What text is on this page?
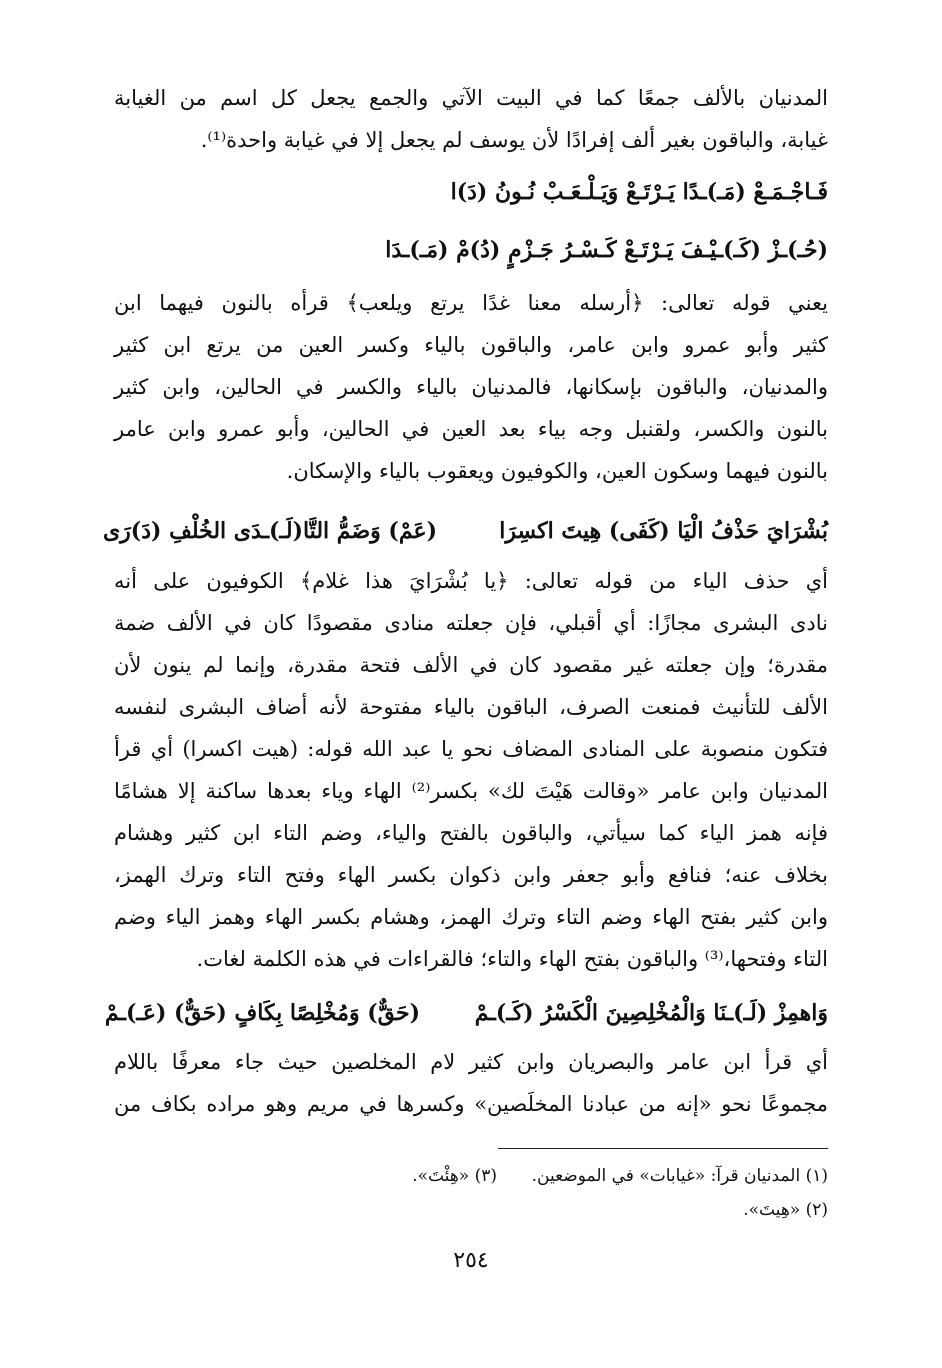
المدنيان بالألف جمعًا كما في البيت الآتي والجمع يجعل كل اسم من الغيابة
غيابة، والباقون بغير ألف إفرادًا لأن يوسف لم يجعل إلا في غيابة واحدة⁽¹⁾.
فَـاجْـمَـعْ (مَـ)ـدًا يَـرْتَـعْ وَيَـلْـعَـبْ نُـونُ (دَ)ا
(حُـ)ـزْ (كَـ)ـيْـفَ يَـرْتَـعْ كَـسْـرُ جَـزْمٍ (دُ)مْ (مَـ)ـدَا
يعني قوله تعالى: ﴿أرسله معنا غدًا يرتع ويلعب﴾ قرأه بالنون فيهما ابن
كثير وأبو عمرو وابن عامر، والباقون بالياء وكسر العين من يرتع ابن كثير
والمدنيان، والباقون بإسكانها، فالمدنيان بالياء والكسر في الحالين، وابن كثير
بالنون والكسر، ولقنبل وجه بياء بعد العين في الحالين، وأبو عمرو وابن عامر
بالنون فيهما وسكون العين، والكوفيون ويعقوب بالياء والإسكان.
بُشْرَايَ حَذْفُ الْيَا (كَفَى) هِيتَ اكسِرَا
(عَمْ) وَضَمُّ التَّا(لَـ)ـدَى الخُلْفِ (دَ)رَى
أي حذف الياء من قوله تعالى: ﴿يا بُشْرَايَ هذا غلام﴾ الكوفيون على أنه
نادى البشرى مجازًا: أي أقبلي، فإن جعلته منادى مقصودًا كان في الألف ضمة
مقدرة؛ وإن جعلته غير مقصود كان في الألف فتحة مقدرة، وإنما لم ينون لأن
الألف للتأنيث فمنعت الصرف، الباقون بالياء مفتوحة لأنه أضاف البشرى لنفسه
فتكون منصوبة على المنادى المضاف نحو يا عبد الله قوله: (هيت اكسرا) أي قرأ
المدنيان وابن عامر «وقالت هَيْتَ لك» بكسر⁽²⁾ الهاء وياء بعدها ساكنة إلا هشامًا
فإنه همز الياء كما سيأتي، والباقون بالفتح والياء، وضم التاء ابن كثير وهشام
بخلاف عنه؛ فنافع وأبو جعفر وابن ذكوان بكسر الهاء وفتح التاء وترك الهمز،
وابن كثير بفتح الهاء وضم التاء وترك الهمز، وهشام بكسر الهاء وهمز الياء وضم
التاء وفتحها،⁽³⁾ والباقون بفتح الهاء والتاء؛ فالقراءات في هذه الكلمة لغات.
وَاهمِزْ (لَـ)ـنَا وَالْمُخْلِصِينَ الْكَسْرُ (كَـ)ـمْ
(حَقٌّ) وَمُخْلِصًا بِكَافٍ (حَقٌّ) (عَـ)ـمْ
أي قرأ ابن عامر والبصريان وابن كثير لام المخلصين حيث جاء معرفًا باللام
مجموعًا نحو «إنه من عبادنا المخلَصين» وكسرها في مريم وهو مراده بكاف من
(١) المدنيان قرآ: «غيابات» في الموضعين.
(٣) «هِئْتَ».
(٢) «هِيتَ».
٢٥٤
